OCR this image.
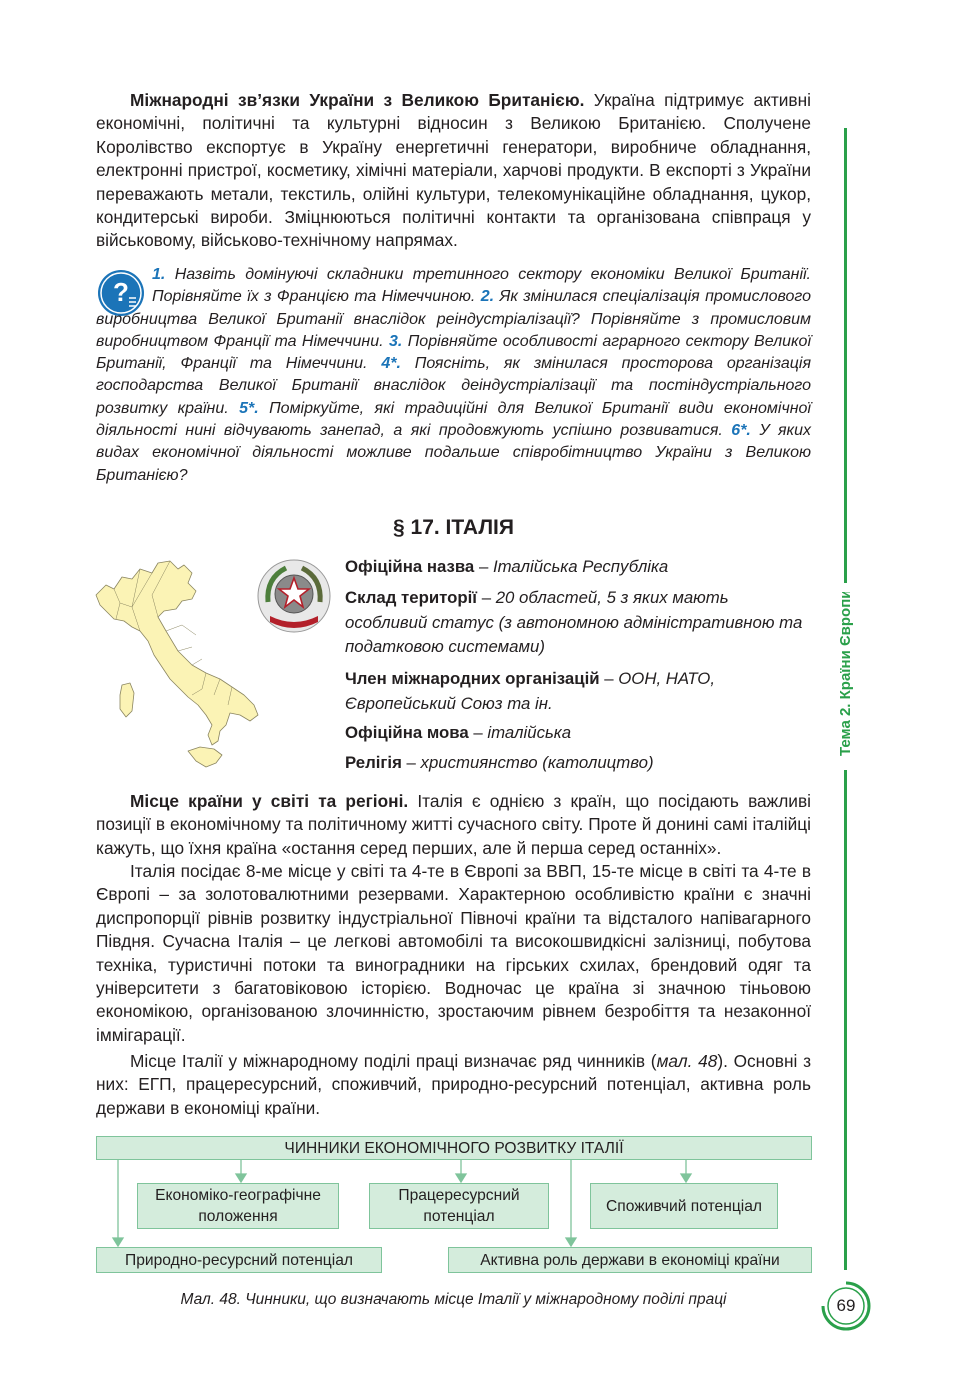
Міжнародні зв’язки України з Великою Британією. Україна підтримує активні економічні, політичні та культурні відносин з Великою Британією. Сполучене Королівство експортує в Україну енергетичні генератори, виробниче обладнання, електронні пристрої, косметику, хімічні матеріали, харчові продукти. В експорті з України переважають метали, текстиль, олійні культури, телекомунікаційне обладнання, цукор, кондитерські вироби. Зміцнюються політичні контакти та організована співпраця у військовому, військово-технічному напрямах.
?
1. Назвіть домінуючі складники третинного сектору економіки Великої Британії. Порівняйте їх з Францією та Німеччиною. 2. Як змінилася спеціалізація промислового виробництва Великої Британії внаслідок реіндустріалізації? Порівняйте з промисловим виробництвом Франції та Німеччини. 3. Порівняйте особливості аграрного сектору Великої Британії, Франції та Німеччини. 4*. Поясніть, як змінилася просторова організація господарства Великої Британії внаслідок деіндустріалізації та постіндустріального розвитку країни. 5*. Поміркуйте, які традиційні для Великої Британії види економічної діяльності нині відчувають занепад, а які продовжують успішно розвиватися. 6*. У яких видах економічної діяльності можливе подальше співробітництво України з Великою Британією?
§ 17. ІТАЛІЯ
Офіційна назва – Італійська Республіка
Склад території – 20 областей, 5 з яких мають особливий статус (з автономною адміністративною та податковою системами)
Член міжнародних організацій – ООН, НАТО, Європейський Союз та ін.
Офіційна мова – італійська
Релігія – християнство (католицтво)
Місце країни у світі та регіоні. Італія є однією з країн, що посідають важливі позиції в економічному та політичному житті сучасного світу. Проте й донині самі італійці кажуть, що їхня країна «остання серед перших, але й перша серед останніх».
Італія посідає 8-ме місце у світі та 4-те в Європі за ВВП, 15-те місце в світі та 4-те в Європі – за золотовалютними резервами. Характерною особливістю країни є значні диспропорції рівнів розвитку індустріальної Півночі країни та відсталого напівагарного Півдня. Сучасна Італія – це легкові автомобілі та високошвидкісні залізниці, побутова техніка, туристичні потоки та виноградники на гірських схилах, брендовий одяг та університети з багатовіковою історією. Водночас це країна зі значною тіньовою економікою, організованою злочинністю, зростаючим рівнем безробіття та незаконної іммігарації.
Місце Італії у міжнародному поділі праці визначає ряд чинників (мал. 48). Основні з них: ЕГП, працересурсний, споживчий, природно-ресурсний потенціал, активна роль держави в економіці країни.
ЧИННИКИ ЕКОНОМІЧНОГО РОЗВИТКУ ІТАЛІЇ
Економіко-географічне положення
Працересурсний потенціал
Споживчий потенціал
Природно-ресурсний потенціал	Активна роль держави в економіці країни
Мал. 48. Чинники, що визначають місце Італії у міжнародному поділі праці
Тема 2. Країни Європи
69
